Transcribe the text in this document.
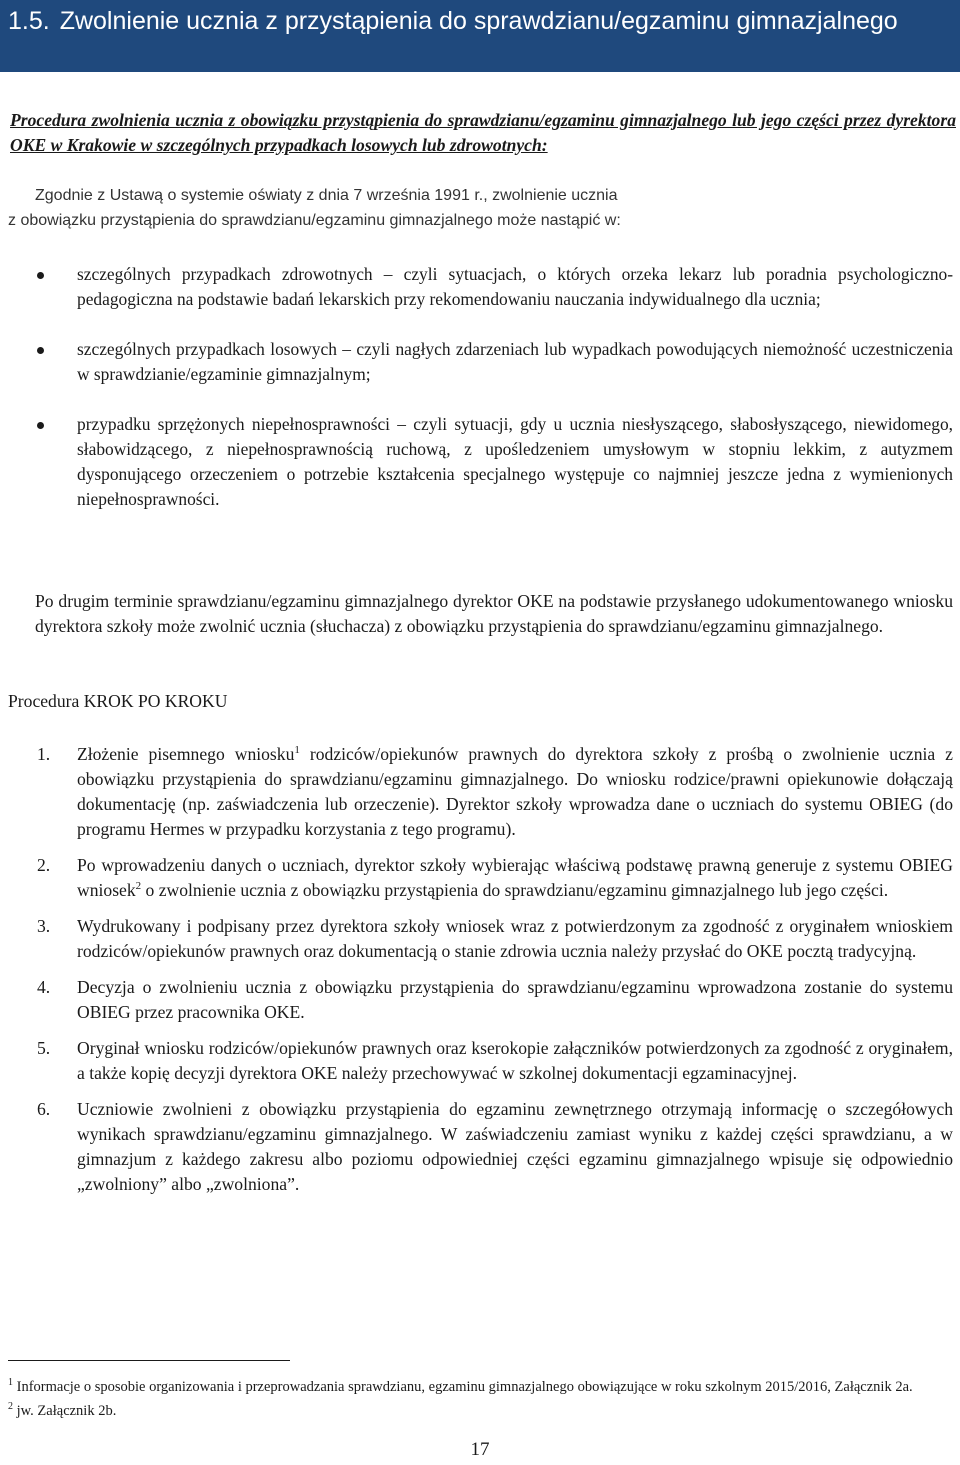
1.5. Zwolnienie ucznia z przystąpienia do sprawdzianu/egzaminu gimnazjalnego

Procedura zwolnienia ucznia z obowiązku przystąpienia do sprawdzianu/egzaminu gimnazjalnego lub jego części przez dyrektora OKE w Krakowie w szczególnych przypadkach losowych lub zdrowotnych:

Zgodnie z Ustawą o systemie oświaty z dnia 7 września 1991 r., zwolnienie ucznia
z obowiązku przystąpienia do sprawdzianu/egzaminu gimnazjalnego może nastąpić w:

szczególnych przypadkach zdrowotnych – czyli sytuacjach, o których orzeka lekarz lub poradnia psychologiczno-pedagogiczna na podstawie badań lekarskich przy rekomendowaniu nauczania indywidualnego dla ucznia;
szczególnych przypadkach losowych – czyli nagłych zdarzeniach lub wypadkach powodujących niemożność uczestniczenia w sprawdzianie/egzaminie gimnazjalnym;
przypadku sprzężonych niepełnosprawności – czyli sytuacji, gdy u ucznia niesłyszącego, słabosłyszącego, niewidomego, słabowidzącego, z niepełnosprawnością ruchową, z upośledzeniem umysłowym w stopniu lekkim, z autyzmem dysponującego orzeczeniem o potrzebie kształcenia specjalnego występuje co najmniej jeszcze jedna z wymienionych niepełnosprawności.

Po drugim terminie sprawdzianu/egzaminu gimnazjalnego dyrektor OKE na podstawie przysłanego udokumentowanego wniosku dyrektora szkoły może zwolnić ucznia (słuchacza) z obowiązku przystąpienia do sprawdzianu/egzaminu gimnazjalnego.

Procedura KROK PO KROKU
1. Złożenie pisemnego wniosku$^1$ rodziców/opiekunów prawnych do dyrektora szkoły z prośbą o zwolnienie ucznia z obowiązku przystąpienia do sprawdzianu/egzaminu gimnazjalnego. Do wniosku rodzice/prawni opiekunowie dołączają dokumentację (np. zaświadczenia lub orzeczenie). Dyrektor szkoły wprowadza dane o uczniach do systemu OBIEG (do programu Hermes w przypadku korzystania z tego programu).
2. Po wprowadzeniu danych o uczniach, dyrektor szkoły wybierając właściwą podstawę prawną generuje z systemu OBIEG wniosek$^2$ o zwolnienie ucznia z obowiązku przystąpienia do sprawdzianu/egzaminu gimnazjalnego lub jego części.
3. Wydrukowany i podpisany przez dyrektora szkoły wniosek wraz z potwierdzonym za zgodność z oryginałem wnioskiem rodziców/opiekunów prawnych oraz dokumentacją o stanie zdrowia ucznia należy przysłać do OKE pocztą tradycyjną.
4. Decyzja o zwolnieniu ucznia z obowiązku przystąpienia do sprawdzianu/egzaminu wprowadzona zostanie do systemu OBIEG przez pracownika OKE.
5. Oryginał wniosku rodziców/opiekunów prawnych oraz kserokopie załączników potwierdzonych za zgodność z oryginałem, a także kopię decyzji dyrektora OKE należy przechowywać w szkolnej dokumentacji egzaminacyjnej.
6. Uczniowie zwolnieni z obowiązku przystąpienia do egzaminu zewnętrznego otrzymają informację o szczegółowych wynikach sprawdzianu/egzaminu gimnazjalnego. W zaświadczeniu zamiast wyniku z każdej części sprawdzianu, a w gimnazjum z każdego zakresu albo poziomu odpowiedniej części egzaminu gimnazjalnego wpisuje się odpowiednio „zwolniony” albo „zwolniona”.

$^1$ Informacje o sposobie organizowania i przeprowadzania sprawdzianu, egzaminu gimnazjalnego obowiązujące w roku szkolnym 2015/2016, Załącznik 2a.

$^2$ jw. Załącznik 2b.

17
